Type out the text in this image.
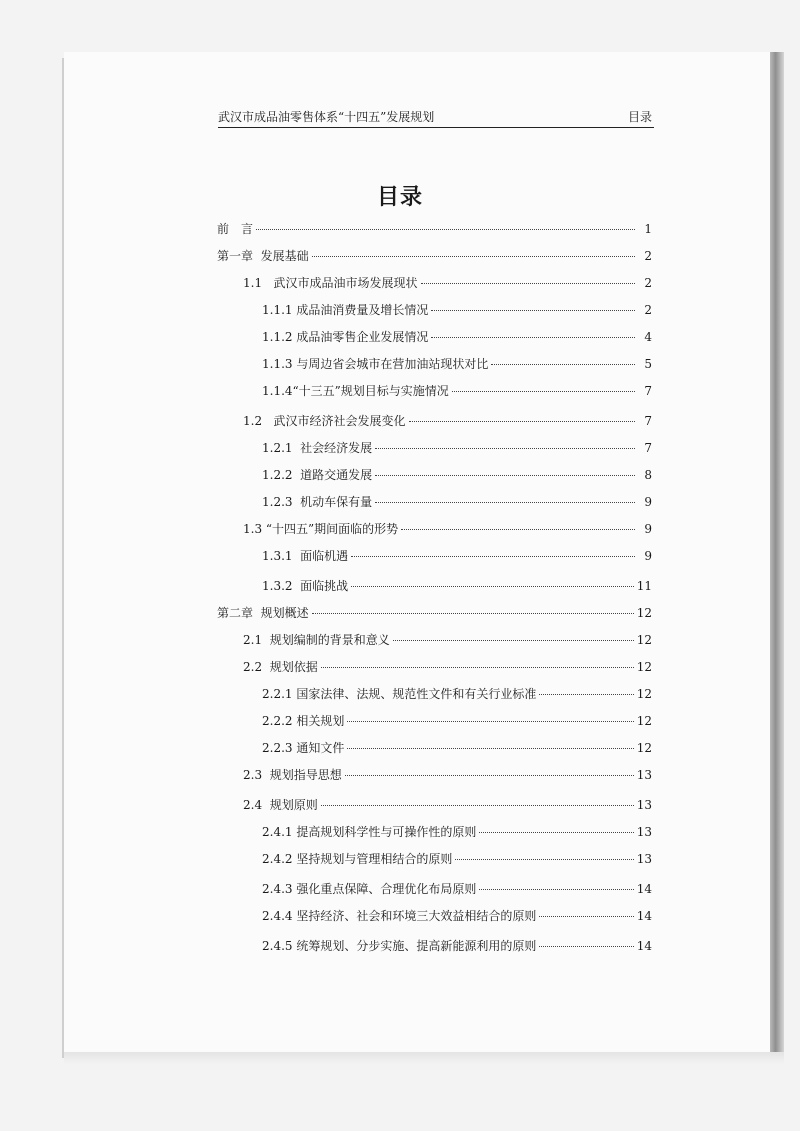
武汉市成品油零售体系“十四五”发展规划	目录
目录
前　言	1
第一章  发展基础	2
1.1   武汉市成品油市场发展现状	2
1.1.1 成品油消费量及增长情况	2
1.1.2 成品油零售企业发展情况	4
1.1.3 与周边省会城市在营加油站现状对比	5
1.1.4“十三五”规划目标与实施情况	7
1.2   武汉市经济社会发展变化	7
1.2.1  社会经济发展	7
1.2.2  道路交通发展	8
1.2.3  机动车保有量	9
1.3 “十四五”期间面临的形势	9
1.3.1  面临机遇	9
1.3.2  面临挑战	11
第二章  规划概述	12
2.1  规划编制的背景和意义	12
2.2  规划依据	12
2.2.1 国家法律、法规、规范性文件和有关行业标准	12
2.2.2 相关规划	12
2.2.3 通知文件	12
2.3  规划指导思想	13
2.4  规划原则	13
2.4.1 提高规划科学性与可操作性的原则	13
2.4.2 坚持规划与管理相结合的原则	13
2.4.3 强化重点保障、合理优化布局原则	14
2.4.4 坚持经济、社会和环境三大效益相结合的原则	14
2.4.5 统筹规划、分步实施、提高新能源利用的原则	14
